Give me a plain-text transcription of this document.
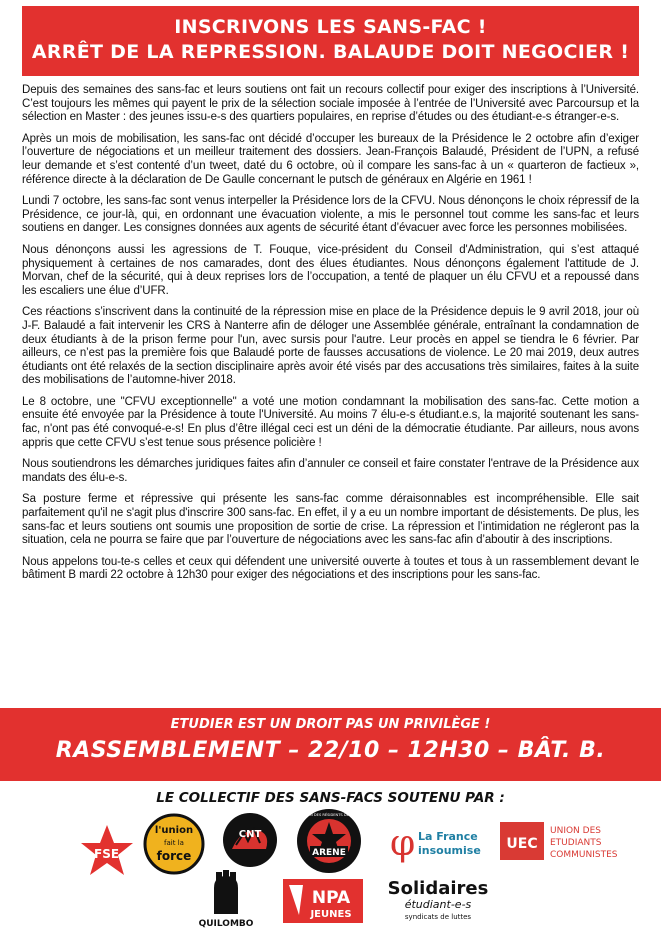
INSCRIVONS LES SANS-FAC !
ARRÊT DE LA REPRESSION. BALAUDE DOIT NEGOCIER !

Depuis des semaines des sans-fac et leurs soutiens ont fait un recours collectif pour exiger des inscriptions à l’Université. C’est toujours les mêmes qui payent le prix de la sélection sociale imposée à l’entrée de l’Université avec Parcoursup et la sélection en Master : des jeunes issu-e-s des quartiers populaires, en reprise d’études ou des étudiant-e-s étranger-e-s.

Après un mois de mobilisation, les sans-fac ont décidé d’occuper les bureaux de la Présidence le 2 octobre afin d’exiger l’ouverture de négociations et un meilleur traitement des dossiers. Jean-François Balaudé, Président de l’UPN, a refusé leur demande et s’est contenté d’un tweet, daté du 6 octobre, où il compare les sans-fac à un « quarteron de factieux », référence directe à la déclaration de De Gaulle concernant le putsch de généraux en Algérie en 1961 !

Lundi 7 octobre, les sans-fac sont venus interpeller la Présidence lors de la CFVU. Nous dénonçons le choix répressif de la Présidence, ce jour-là, qui, en ordonnant une évacuation violente, a mis le personnel tout comme les sans-fac et leurs soutiens en danger. Les consignes données aux agents de sécurité étant d’évacuer avec force les personnes mobilisées.

Nous dénonçons aussi les agressions de T. Fouque, vice-président du Conseil d'Administration, qui s’est attaqué physiquement à certaines de nos camarades, dont des élues étudiantes. Nous dénonçons également l'attitude de J. Morvan, chef de la sécurité, qui à deux reprises lors de l’occupation, a tenté de plaquer un élu CFVU et a repoussé dans les escaliers une élue d’UFR.

Ces réactions s’inscrivent dans la continuité de la répression mise en place de la Présidence depuis le 9 avril 2018, jour où J-F. Balaudé a fait intervenir les CRS à Nanterre afin de déloger une Assemblée générale, entraînant la condamnation de deux étudiants à de la prison ferme pour l'un, avec sursis pour l'autre. Leur procès en appel se tiendra le 6 février. Par ailleurs, ce n’est pas la première fois que Balaudé porte de fausses accusations de violence. Le 20 mai 2019, deux autres étudiants ont été relaxés de la section disciplinaire après avoir été visés par des accusations très similaires, faites à la suite des mobilisations de l’automne-hiver 2018.

Le 8 octobre, une "CFVU exceptionnelle" a voté une motion condamnant la mobilisation des sans-fac. Cette motion a ensuite été envoyée par la Présidence à toute l'Université. Au moins 7 élu-e-s étudiant.e.s, la majorité soutenant les sans-fac, n'ont pas été convoqué-e-s! En plus d’être illégal ceci est un déni de la démocratie étudiante. Par ailleurs, nous avons appris que cette CFVU s’est tenue sous présence policière !

Nous soutiendrons les démarches juridiques faites afin d’annuler ce conseil et faire constater l'entrave de la Présidence aux mandats des élu-e-s.

Sa posture ferme et répressive qui présente les sans-fac comme déraisonnables est incompréhensible. Elle sait parfaitement qu'il ne s'agit plus d'inscrire 300 sans-fac. En effet, il y a eu un nombre important de désistements. De plus, les sans-fac et leurs soutiens ont soumis une proposition de sortie de crise. La répression et l’intimidation ne régleront pas la situation, cela ne pourra se faire que par l’ouverture de négociations avec les sans-fac afin d’aboutir à des inscriptions.

Nous appelons tou-te-s celles et ceux qui défendent une université ouverte à toutes et tous à un rassemblement devant le bâtiment B mardi 22 octobre à 12h30 pour exiger des négociations et des inscriptions pour les sans-fac.

ETUDIER EST UN DROIT PAS UN PRIVILÈGE !
RASSEMBLEMENT – 22/10 – 12H30 – BÂT. B.
LE COLLECTIF DES SANS-FACS SOUTENU PAR :
FSE
l'union
fait la
force
CNT
ARENE
ASSOCIATION DES RÉSIDENTS DE NANTERRE
φ La France
insoumise UEC
UNION DES
ETUDIANTS
COMMUNISTES
QUILOMBO
NPA
JEUNES
Solidaires
étudiant-e-s
syndicats de luttes
